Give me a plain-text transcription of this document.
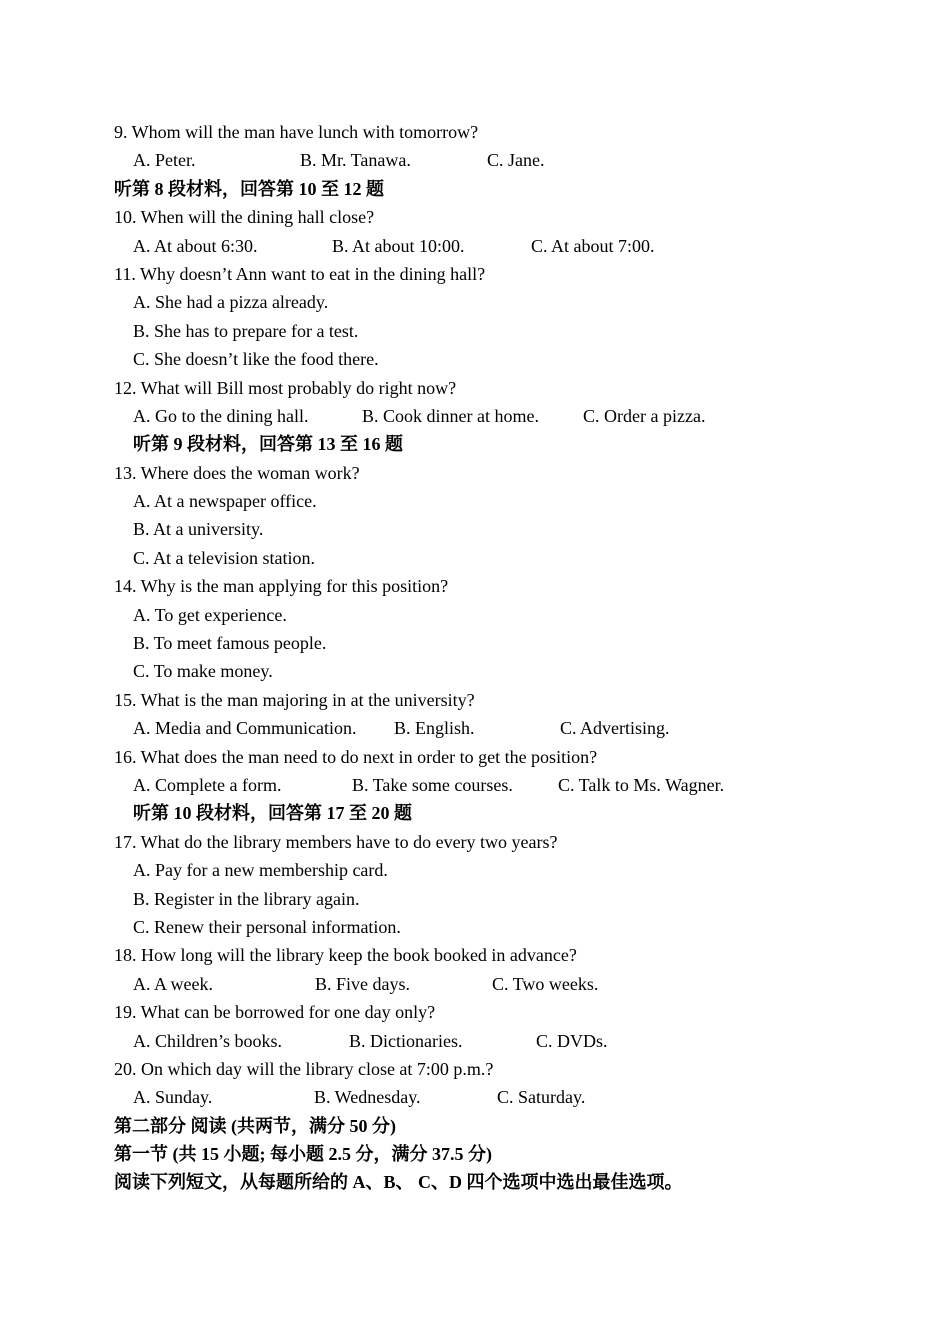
9. Whom will the man have lunch with tomorrow?
A. Peter.	B. Mr. Tanawa.	C. Jane.
听第 8 段材料，回答第 10 至 12 题
10. When will the dining hall close?
A. At about 6:30.	B. At about 10:00.	C. At about 7:00.
11. Why doesn’t Ann want to eat in the dining hall?
A. She had a pizza already.
B. She has to prepare for a test.
C. She doesn’t like the food there.
12. What will Bill most probably do right now?
A. Go to the dining hall.	B. Cook dinner at home. C. Order a pizza.
听第 9 段材料，回答第 13 至 16 题
13. Where does the woman work?
A. At a newspaper office.
B. At a university.
C. At a television station.
14. Why is the man applying for this position?
A. To get experience.
B. To meet famous people.
C. To make money.
15. What is the man majoring in at the university?
A. Media and Communication. B. English.	C. Advertising.
16. What does the man need to do next in order to get the position?
A. Complete a form.	B. Take some courses.	C. Talk to Ms. Wagner.
听第 10 段材料，回答第 17 至 20 题
17. What do the library members have to do every two years?
A. Pay for a new membership card.
B. Register in the library again.
C. Renew their personal information.
18. How long will the library keep the book booked in advance?
A. A week.	B. Five days.	C. Two weeks.
19. What can be borrowed for one day only?
A. Children’s books.	B. Dictionaries.	C. DVDs.
20. On which day will the library close at 7:00 p.m.?
A. Sunday.	B. Wednesday.	C. Saturday.
第二部分 阅读 (共两节，满分 50 分)
第一节 (共 15 小题; 每小题 2.5 分，满分 37.5 分)
阅读下列短文，从每题所给的 A、B、 C、D 四个选项中选出最佳选项。
